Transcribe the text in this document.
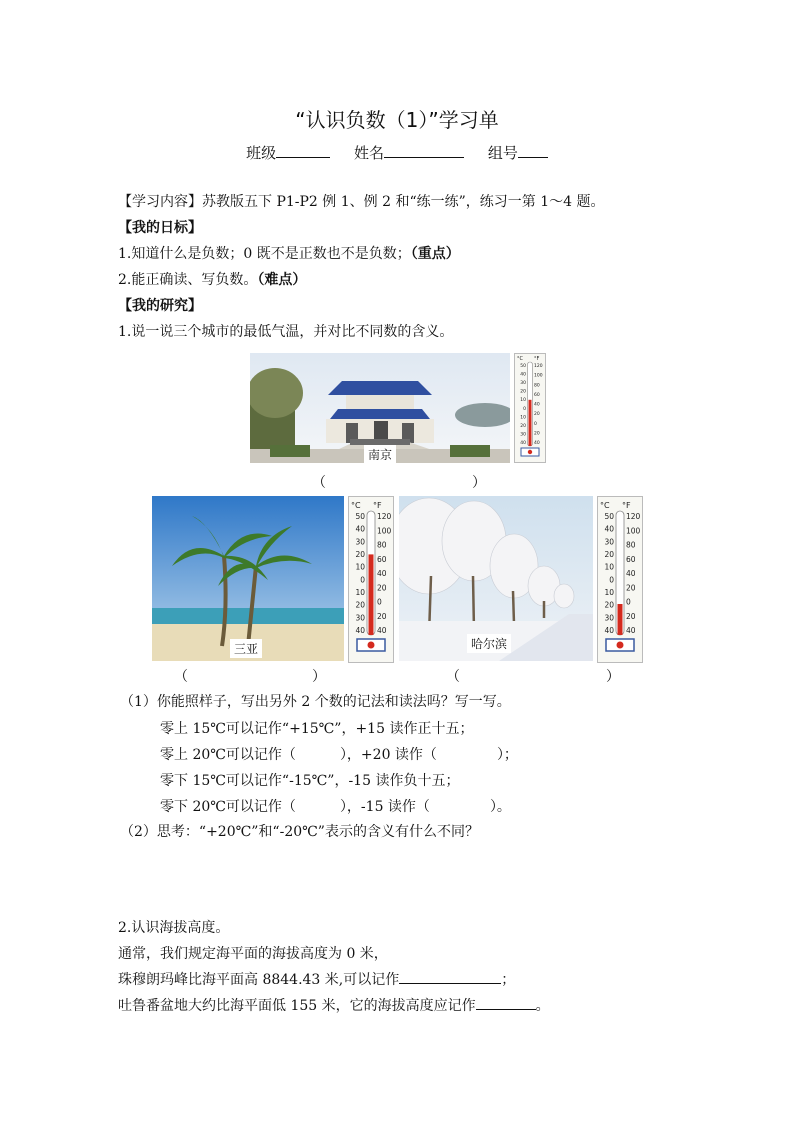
“认识负数（1）”学习单
班级	姓名	组号
【学习内容】苏教版五下 P1-P2 例 1、例 2 和“练一练”，练习一第 1～4 题。
【我的日标】
1.知道什么是负数；0 既不是正数也不是负数；（重点）
2.能正确读、写负数。（难点）
【我的研究】
1.说一说三个城市的最低气温，并对比不同数的含义。
南京
°C °F
50
40
30
20
10
0
10
20
30
40
120
100
80
60
40
20
0
20
40
（	）
三亚
°C °F
50
40
30
20
10
0
10
20
30
40
120
100
80
60
40
20
0
20
40
哈尔滨
°C °F
50
40
30
20
10
0
10
20
30
40
120
100
80
60
40
20
0
20
40
（	）	（	）
（1）你能照样子，写出另外 2 个数的记法和读法吗？写一写。
零上 15℃可以记作“+15℃”，+15 读作正十五；
零上 20℃可以记作（	），+20 读作（	）；
零下 15℃可以记作“-15℃”，-15 读作负十五；
零下 20℃可以记作（	），-15 读作（	）。
（2）思考：“+20℃”和“-20℃”表示的含义有什么不同？
2.认识海拔高度。
通常，我们规定海平面的海拔高度为 0 米，
珠穆朗玛峰比海平面高 8844.43 米,可以记作	；
吐鲁番盆地大约比海平面低 155 米，它的海拔高度应记作	。
